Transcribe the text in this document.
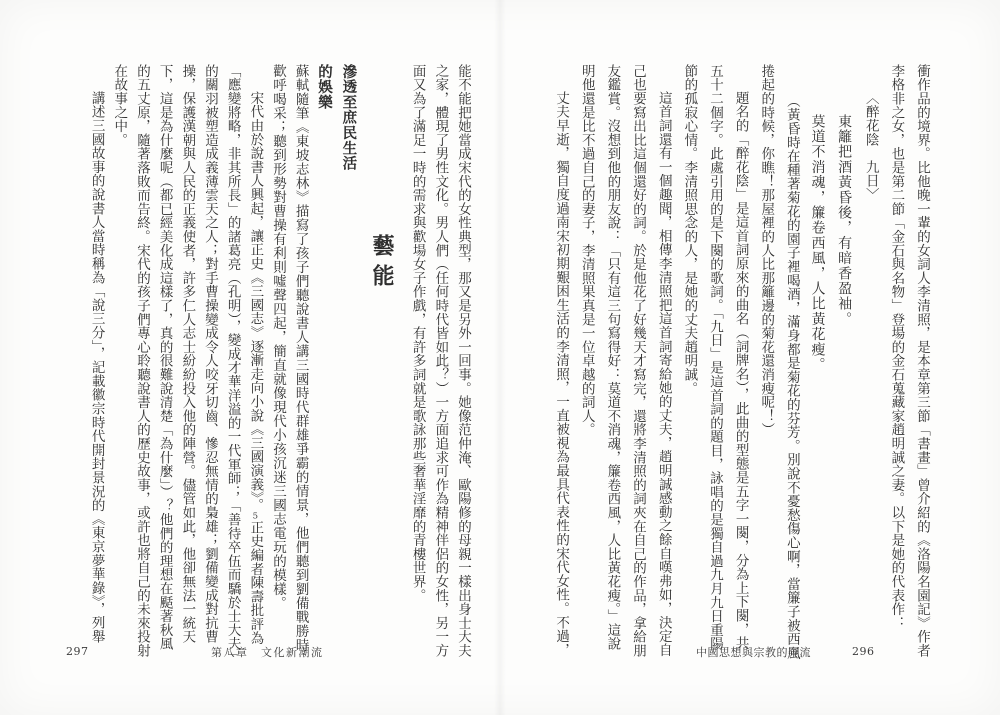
衝作品的境界。比他晚一輩的女詞人李清照，是本章第三節「書畫」曾介紹的《洛陽名園記》作者李格非之女，也是第二節「金石與名物」登場的金石蒐藏家趙明誠之妻。以下是她的代表作：

〈醉花陰　九日〉

東籬把酒黃昏後，有暗香盈袖。

莫道不消魂，簾卷西風，人比黃花瘦。

（黃昏時在種著菊花的園子裡喝酒，滿身都是菊花的芬芳。別說不憂愁傷心啊，當簾子被西風捲起的時候，你瞧！那屋裡的人比那籬邊的菊花還消瘦呢！）

題名的「醉花陰」是這首詞原來的曲名（詞牌名），此曲的型態是五字一闋，分為上下闋，共五十二個字。此處引用的是下闋的歌詞。「九日」是這首詞的題目，詠唱的是獨自過九月九日重陽節的孤寂心情。李清照思念的人，是她的丈夫趙明誠。

這首詞還有一個趣聞，相傳李清照把這首詞寄給她的丈夫，趙明誠感動之餘自嘆弗如，決定自己也要寫出比這個還好的詞。於是他花了好幾天才寫完，還將李清照的詞夾在自己的作品，拿給朋友鑑賞。沒想到他的朋友說：「只有這三句寫得好：莫道不消魂，簾卷西風，人比黃花瘦。」這說明他還是比不過自己的妻子，李清照果真是一位卓越的詞人。

丈夫早逝，獨自度過南宋初期艱困生活的李清照，一直被視為最具代表性的宋代女性。不過，

能不能把她當成宋代的女性典型，那又是另外一回事。她像范仲淹、歐陽修的母親一樣出身士大夫之家，體現了男性文化。男人們（任何時代皆如此？）一方面追求可作為精神伴侶的女性，另一方面又為了滿足一時的需求與歡場女子作戲，有許多詞就是歌詠那些奢華淫靡的青樓世界。

藝能

滲透至庶民生活

的娛樂

蘇軾隨筆《東坡志林》描寫了孩子們聽說書人講三國時代群雄爭霸的情景，他們聽到劉備戰勝時歡呼喝采；聽到形勢對曹操有利則噓聲四起，簡直就像現代小孩沉迷三國志電玩的模樣。

宋代由於說書人興起，讓正史《三國志》逐漸走向小說《三國演義》。5正史編者陳壽批評為「應變將略，非其所長」的諸葛亮（孔明），變成才華洋溢的一代軍師；「善待卒伍而驕於士大夫」的關羽被塑造成義薄雲天之人；對手曹操變成令人咬牙切齒、慘忍無情的梟雄；劉備變成對抗曹操，保護漢朝與人民的正義使者，許多仁人志士紛紛投入他的陣營。儘管如此，他卻無法一統天下，這是為什麼呢（都已經美化成這樣了，真的很難說清楚「為什麼」）？他們的理想在颳著秋風的五丈原，隨著落敗而告終。宋代的孩子們專心聆聽說書人的歷史故事，或許也將自己的未來投射在故事之中。

講述三國故事的說書人當時稱為「說三分」，記載徽宗時代開封景況的《東京夢華錄》，列舉

297	第八章　文化新潮流	中國思想與宗教的奔流	296
